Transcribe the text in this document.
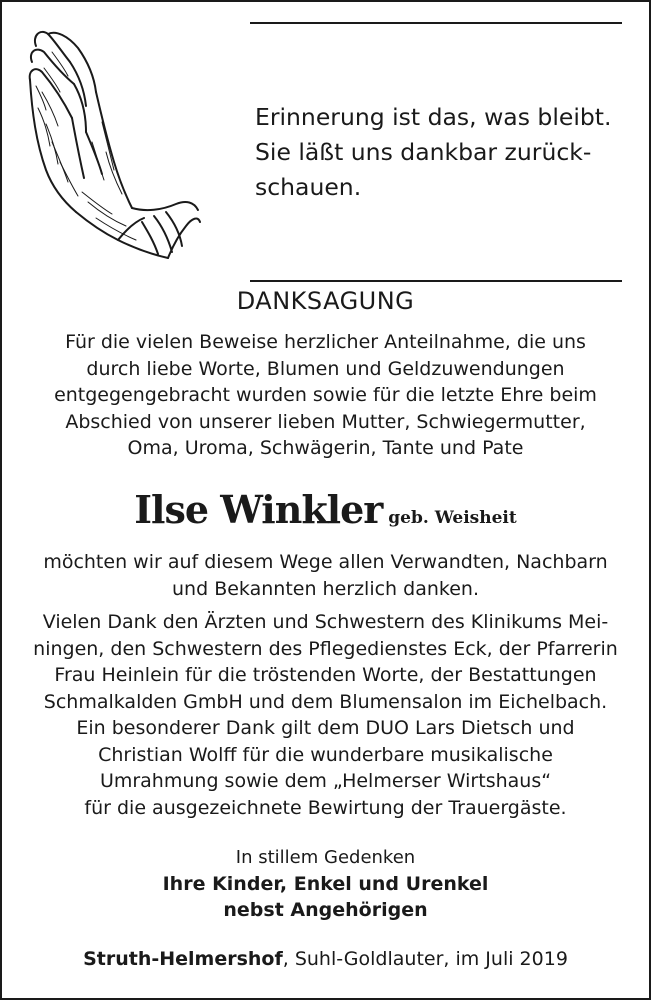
Erinnerung ist das, was bleibt.
Sie läßt uns dankbar zurück-
schauen.
DANKSAGUNG
Für die vielen Beweise herzlicher Anteilnahme, die uns
durch liebe Worte, Blumen und Geldzuwendungen
entgegengebracht wurden sowie für die letzte Ehre beim
Abschied von unserer lieben Mutter, Schwiegermutter,
Oma, Uroma, Schwägerin, Tante und Pate
Ilse Winkler geb. Weisheit
möchten wir auf diesem Wege allen Verwandten, Nachbarn
und Bekannten herzlich danken.
Vielen Dank den Ärzten und Schwestern des Klinikums Mei-
ningen, den Schwestern des Pflegedienstes Eck, der Pfarrerin
Frau Heinlein für die tröstenden Worte, der Bestattungen
Schmalkalden GmbH und dem Blumensalon im Eichelbach.
Ein besonderer Dank gilt dem DUO Lars Dietsch und
Christian Wolff für die wunderbare musikalische
Umrahmung sowie dem „Helmerser Wirtshaus“
für die ausgezeichnete Bewirtung der Trauergäste.
In stillem Gedenken
Ihre Kinder, Enkel und Urenkel
nebst Angehörigen
Struth-Helmershof, Suhl-Goldlauter, im Juli 2019
